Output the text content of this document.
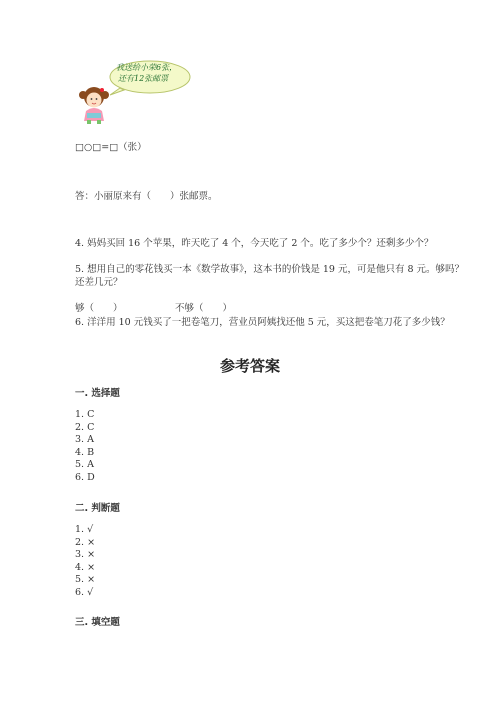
我送给小荣6张，
还有12张邮票
□○□=□（张）
答：小丽原来有（　　）张邮票。
4. 妈妈买回 16 个苹果，昨天吃了 4 个，今天吃了 2 个。吃了多少个？还剩多少个？
5. 想用自己的零花钱买一本《数学故事》，这本书的价钱是 19 元，可是他只有 8 元。够吗？还差几元？
够（　　）	不够（　　）
6. 洋洋用 10 元钱买了一把卷笔刀，营业员阿姨找还他 5 元，买这把卷笔刀花了多少钱？
参考答案
一. 选择题
1. C
2. C
3. A
4. B
5. A
6. D
二. 判断题
1. √
2. ×
3. ×
4. ×
5. ×
6. √
三. 填空题
